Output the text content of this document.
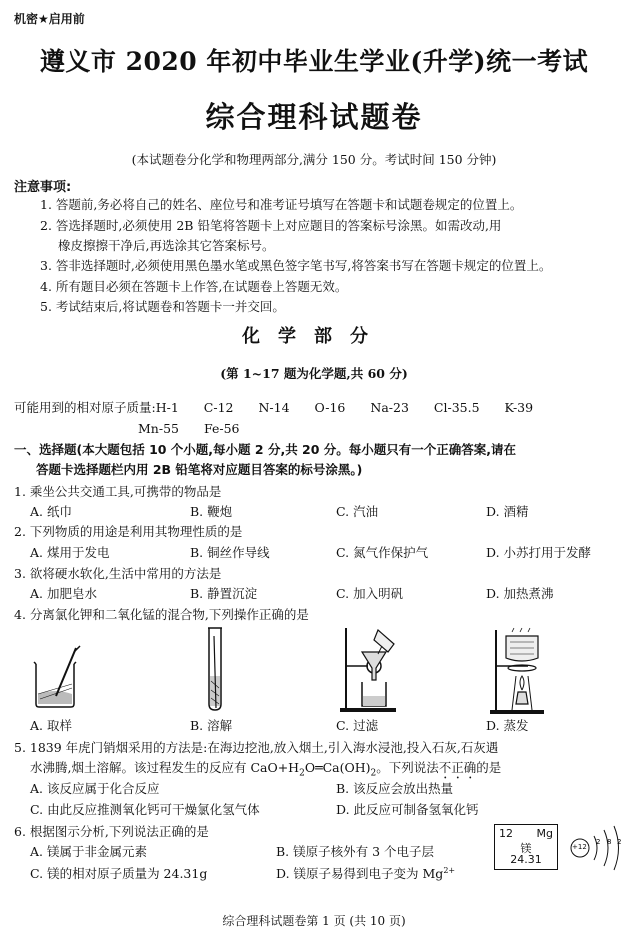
机密★启用前
遵义市 2020 年初中毕业生学业(升学)统一考试
综合理科试题卷
(本试题卷分化学和物理两部分,满分 150 分。考试时间 150 分钟)
注意事项:
1. 答题前,务必将自己的姓名、座位号和准考证号填写在答题卡和试题卷规定的位置上。
2. 答选择题时,必须使用 2B 铅笔将答题卡上对应题目的答案标号涂黑。如需改动,用
橡皮擦擦干净后,再选涂其它答案标号。
3. 答非选择题时,必须使用黑色墨水笔或黑色签字笔书写,将答案书写在答题卡规定的位置上。
4. 所有题目必须在答题卡上作答,在试题卷上答题无效。
5. 考试结束后,将试题卷和答题卡一并交回。
化学部分
(第 1~17 题为化学题,共 60 分)
可能用到的相对原子质量:H-1　　C-12　　N-14　　O-16　　Na-23　　Cl-35.5　　K-39
Mn-55　　Fe-56
一、选择题(本大题包括 10 个小题,每小题 2 分,共 20 分。每小题只有一个正确答案,请在
答题卡选择题栏内用 2B 铅笔将对应题目答案的标号涂黑。)
1. 乘坐公共交通工具,可携带的物品是
A. 纸巾	B. 鞭炮	C. 汽油	D. 酒精
2. 下列物质的用途是利用其物理性质的是
A. 煤用于发电	B. 铜丝作导线	C. 氮气作保护气	D. 小苏打用于发酵
3. 欲将硬水软化,生活中常用的方法是
A. 加肥皂水	B. 静置沉淀	C. 加入明矾	D. 加热煮沸
4. 分离氯化钾和二氧化锰的混合物,下列操作正确的是
A. 取样	B. 溶解	C. 过滤	D. 蒸发
5. 1839 年虎门销烟采用的方法是:在海边挖池,放入烟土,引入海水浸池,投入石灰,石灰遇
水沸腾,烟土溶解。该过程发生的反应有 $CaO+H_2O═Ca(OH)_2$。下列说法不正确的是
A. 该反应属于化合反应	B. 该反应会放出热量
C. 由此反应推测氧化钙可干燥氯化氢气体	D. 此反应可制备氢氧化钙
6. 根据图示分析,下列说法正确的是
A. 镁属于非金属元素	B. 镁原子核外有 3 个电子层
C. 镁的相对原子质量为 24.31g	D. 镁原子易得到电子变为 $Mg^{2+}$
12 Mg
镁
24.31
2 8 2
+12
综合理科试题卷第 1 页 (共 10 页)
